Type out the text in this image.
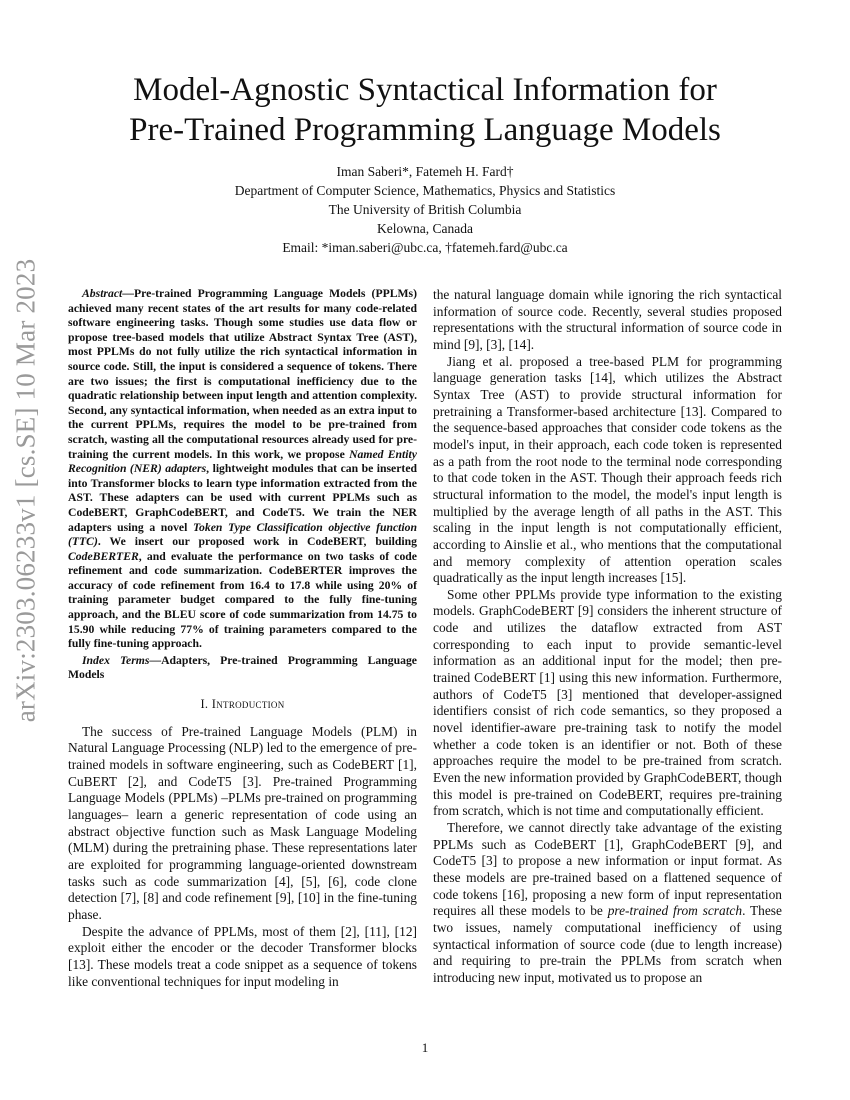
arXiv:2303.06233v1 [cs.SE] 10 Mar 2023
Model-Agnostic Syntactical Information for
Pre-Trained Programming Language Models
Iman Saberi*, Fatemeh H. Fard†
Department of Computer Science, Mathematics, Physics and Statistics
The University of British Columbia
Kelowna, Canada
Email: *iman.saberi@ubc.ca, †fatemeh.fard@ubc.ca

Abstract—Pre-trained Programming Language Models (PPLMs) achieved many recent states of the art results for many code-related software engineering tasks. Though some studies use data flow or propose tree-based models that utilize Abstract Syntax Tree (AST), most PPLMs do not fully utilize the rich syntactical information in source code. Still, the input is considered a sequence of tokens. There are two issues; the first is computational inefficiency due to the quadratic relationship between input length and attention complexity. Second, any syntactical information, when needed as an extra input to the current PPLMs, requires the model to be pre-trained from scratch, wasting all the computational resources already used for pre-training the current models. In this work, we propose Named Entity Recognition (NER) adapters, lightweight modules that can be inserted into Transformer blocks to learn type information extracted from the AST. These adapters can be used with current PPLMs such as CodeBERT, GraphCodeBERT, and CodeT5. We train the NER adapters using a novel Token Type Classification objective function (TTC). We insert our proposed work in CodeBERT, building CodeBERTER, and evaluate the performance on two tasks of code refinement and code summarization. CodeBERTER improves the accuracy of code refinement from 16.4 to 17.8 while using 20% of training parameter budget compared to the fully fine-tuning approach, and the BLEU score of code summarization from 14.75 to 15.90 while reducing 77% of training parameters compared to the fully fine-tuning approach.

Index Terms—Adapters, Pre-trained Programming Language Models

I. Introduction

The success of Pre-trained Language Models (PLM) in Natural Language Processing (NLP) led to the emergence of pre-trained models in software engineering, such as CodeBERT [1], CuBERT [2], and CodeT5 [3]. Pre-trained Programming Language Models (PPLMs) –PLMs pre-trained on programming languages– learn a generic representation of code using an abstract objective function such as Mask Language Modeling (MLM) during the pretraining phase. These representations later are exploited for programming language-oriented downstream tasks such as code summarization [4], [5], [6], code clone detection [7], [8] and code refinement [9], [10] in the fine-tuning phase.

Despite the advance of PPLMs, most of them [2], [11], [12] exploit either the encoder or the decoder Transformer blocks [13]. These models treat a code snippet as a sequence of tokens like conventional techniques for input modeling in

the natural language domain while ignoring the rich syntactical information of source code. Recently, several studies proposed representations with the structural information of source code in mind [9], [3], [14].

Jiang et al. proposed a tree-based PLM for programming language generation tasks [14], which utilizes the Abstract Syntax Tree (AST) to provide structural information for pretraining a Transformer-based architecture [13]. Compared to the sequence-based approaches that consider code tokens as the model's input, in their approach, each code token is represented as a path from the root node to the terminal node corresponding to that code token in the AST. Though their approach feeds rich structural information to the model, the model's input length is multiplied by the average length of all paths in the AST. This scaling in the input length is not computationally efficient, according to Ainslie et al., who mentions that the computational and memory complexity of attention operation scales quadratically as the input length increases [15].

Some other PPLMs provide type information to the existing models. GraphCodeBERT [9] considers the inherent structure of code and utilizes the dataflow extracted from AST corresponding to each input to provide semantic-level information as an additional input for the model; then pre-trained CodeBERT [1] using this new information. Furthermore, authors of CodeT5 [3] mentioned that developer-assigned identifiers consist of rich code semantics, so they proposed a novel identifier-aware pre-training task to notify the model whether a code token is an identifier or not. Both of these approaches require the model to be pre-trained from scratch. Even the new information provided by GraphCodeBERT, though this model is pre-trained on CodeBERT, requires pre-training from scratch, which is not time and computationally efficient.

Therefore, we cannot directly take advantage of the existing PPLMs such as CodeBERT [1], GraphCodeBERT [9], and CodeT5 [3] to propose a new information or input format. As these models are pre-trained based on a flattened sequence of code tokens [16], proposing a new form of input representation requires all these models to be pre-trained from scratch. These two issues, namely computational inefficiency of using syntactical information of source code (due to length increase) and requiring to pre-train the PPLMs from scratch when introducing new input, motivated us to propose an

1
